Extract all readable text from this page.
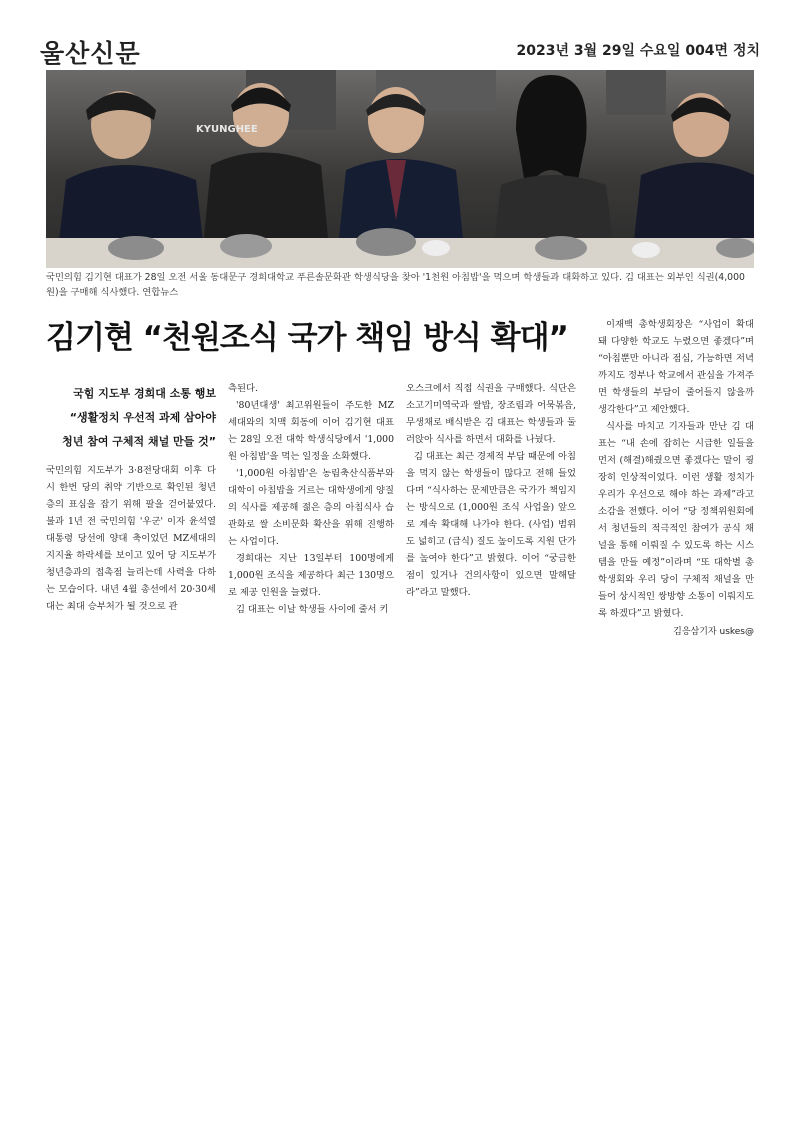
울산신문	2023년 3월 29일 수요일 004면 정치
KYUNGHEE
국민의힘 김기현 대표가 28일 오전 서울 동대문구 경희대학교 푸른솔문화관 학생식당을 찾아 '1천원 아침밥'을 먹으며 학생들과 대화하고 있다. 김 대표는 외부인 식권(4,000원)을 구매해 식사했다. 연합뉴스
김기현 “천원조식 국가 책임 방식 확대”
국힘 지도부 경희대 소통 행보
“생활정치 우선적 과제 삼아야
청년 참여 구체적 채널 만들 것”

국민의힘 지도부가 3·8전당대회 이후 다시 한번 당의 취약 기반으로 확인된 청년층의 표심을 잡기 위해 팔을 걷어붙였다. 불과 1년 전 국민의힘 '우군' 이자 윤석열 대통령 당선에 양대 축이었던 MZ세대의 지지율 하락세를 보이고 있어 당 지도부가 청년층과의 접촉점 늘리는데 사력을 다하는 모습이다. 내년 4월 총선에서 20·30세대는 최대 승부처가 될 것으로 관

측된다.

'80년대생' 최고위원들이 주도한 MZ세대와의 치맥 회동에 이어 김기현 대표는 28일 오전 대학 학생식당에서 '1,000원 아침밥'을 먹는 일정을 소화했다.

'1,000원 아침밥'은 농림축산식품부와 대학이 아침밥을 거르는 대학생에게 양질의 식사를 제공해 젊은 층의 아침식사 습관화로 쌀 소비문화 확산을 위해 진행하는 사업이다.

경희대는 지난 13일부터 100명에게 1,000원 조식을 제공하다 최근 130명으로 제공 인원을 늘렸다.

김 대표는 이날 학생들 사이에 줄서 키

오스크에서 직접 식권을 구매했다. 식단은 소고기미역국과 쌀밥, 장조림과 어묵볶음, 무생채로 배식받은 김 대표는 학생들과 둘러앉아 식사를 하면서 대화를 나눴다.

김 대표는 최근 경제적 부담 때문에 아침을 먹지 않는 학생들이 많다고 전해 들었다며 “식사하는 문제만큼은 국가가 책임지는 방식으로 (1,000원 조식 사업을) 앞으로 계속 확대해 나가야 한다. (사업) 범위도 넓히고 (급식) 질도 높이도록 지원 단가를 높여야 한다”고 밝혔다. 이어 “궁금한 점이 있거나 건의사항이 있으면 말해달라”라고 말했다.

이재백 총학생회장은 “사업이 확대돼 다양한 학교도 누렸으면 좋겠다”며 “아침뿐만 아니라 점심, 가능하면 저녁까지도 정부나 학교에서 관심을 가져주면 학생들의 부담이 줄어들지 않을까 생각한다”고 제안했다.

식사를 마치고 기자들과 만난 김 대표는 “내 손에 잡히는 시급한 일들을 먼저 (해결)해줬으면 좋겠다는 말이 굉장히 인상적이었다. 이런 생활 정치가 우리가 우선으로 해야 하는 과제”라고 소감을 전했다. 이어 “당 정책위원회에서 청년들의 적극적인 참여가 공식 채널을 통해 이뤄질 수 있도록 하는 시스템을 만들 예정”이라며 “또 대학별 총학생회와 우리 당이 구체적 채널을 만들어 상시적인 쌍방향 소통이 이뤄지도록 하겠다”고 밝혔다.

김응삼기자 uskes@
